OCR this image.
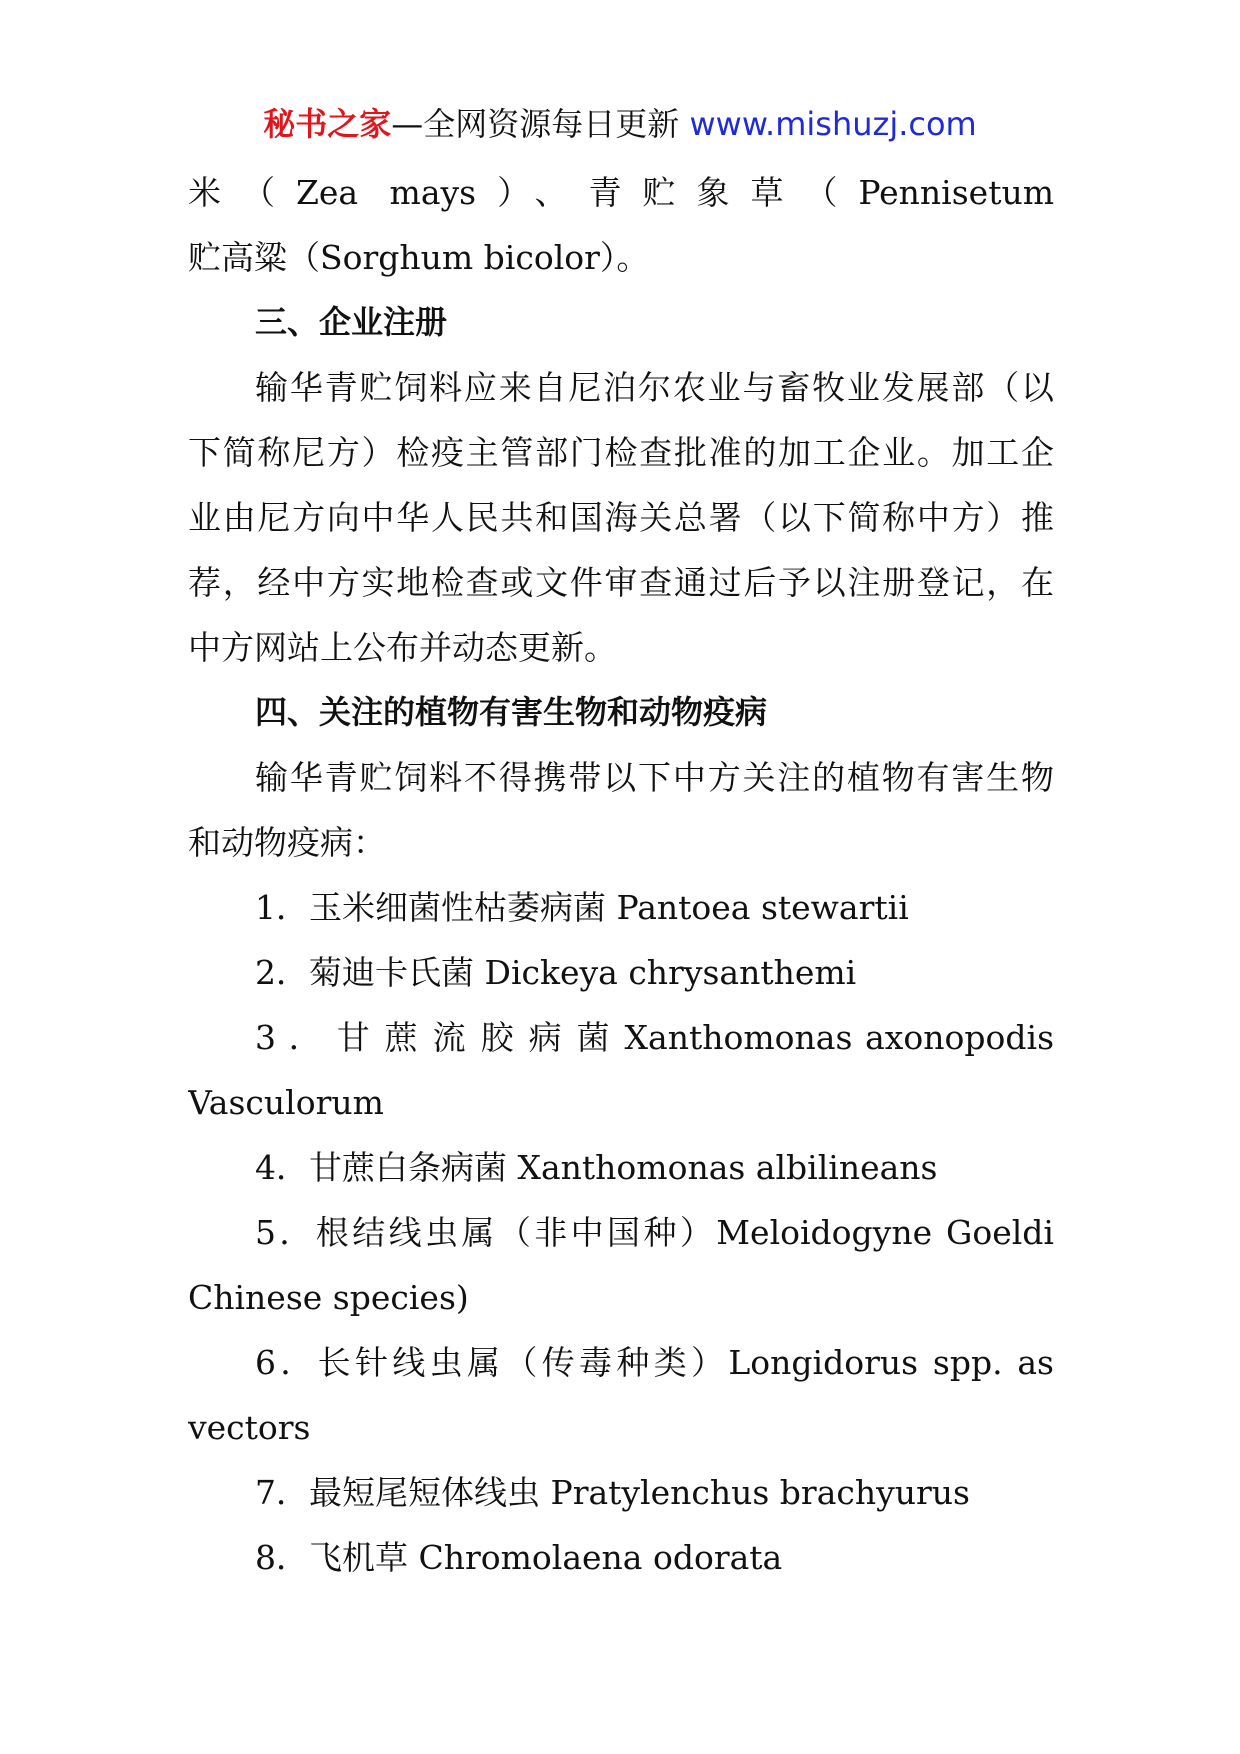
秘书之家—全网资源每日更新 www.mishuzj.com
米（Zea mays）、青贮象草（Pennisetum
贮高粱（Sorghum bicolor）。
三、企业注册
输华青贮饲料应来自尼泊尔农业与畜牧业发展部（以
下简称尼方）检疫主管部门检查批准的加工企业。加工企
业由尼方向中华人民共和国海关总署（以下简称中方）推
荐，经中方实地检查或文件审查通过后予以注册登记，在
中方网站上公布并动态更新。
四、关注的植物有害生物和动物疫病
输华青贮饲料不得携带以下中方关注的植物有害生物
和动物疫病：
1．玉米细菌性枯萎病菌 Pantoea stewartii
2．菊迪卡氏菌 Dickeya chrysanthemi
3 ． 甘 蔗 流 胶 病 菌 Xanthomonas axonopodis
Vasculorum
4．甘蔗白条病菌 Xanthomonas albilineans
5．根结线虫属（非中国种）Meloidogyne Goeldi
Chinese species)
6．长针线虫属（传毒种类）Longidorus spp. as
vectors
7．最短尾短体线虫 Pratylenchus brachyurus
8．飞机草 Chromolaena odorata
